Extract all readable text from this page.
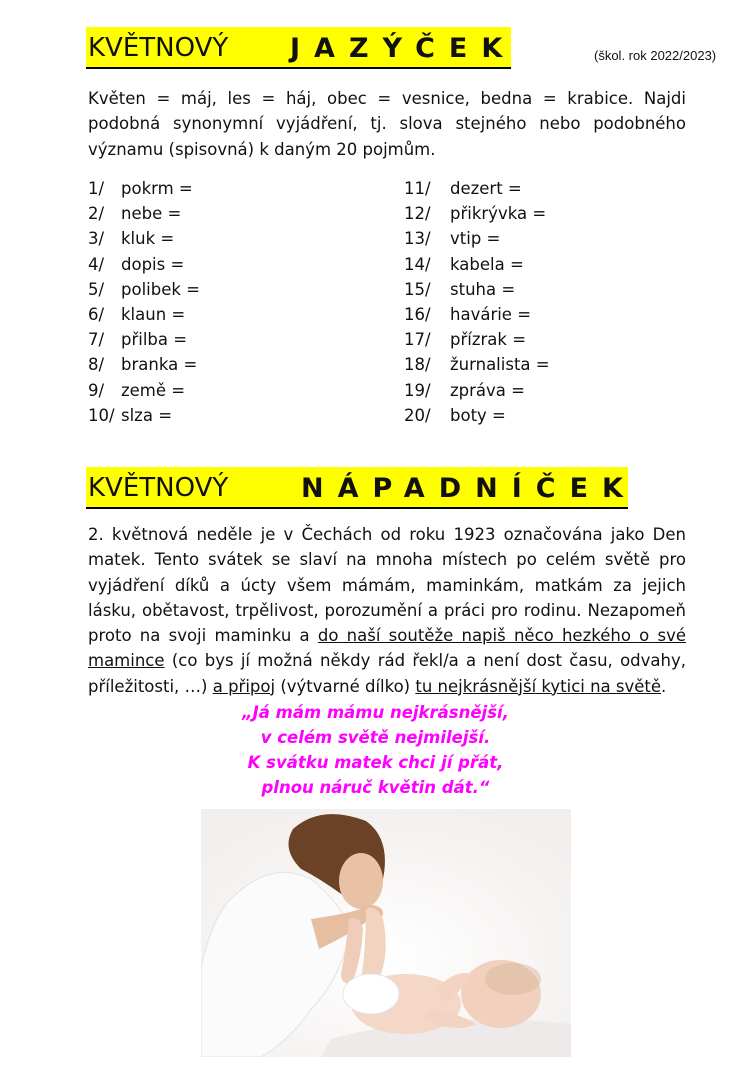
KVĚTNOVÝ JAZÝČEK	(škol. rok 2022/2023)

Květen = máj, les = háj, obec = vesnice, bedna = krabice. Najdi podobná synonymní vyjádření, tj. slova stejného nebo podobného významu (spisovná) k daným 20 pojmům.

1/ pokrm =
2/ nebe =
3/ kluk =
4/ dopis =
5/ polibek =
6/ klaun =
7/ přilba =
8/ branka =
9/ země =
10/ slza =
11/ dezert =
12/ přikrývka =
13/ vtip =
14/ kabela =
15/ stuha =
16/ havárie =
17/ přízrak =
18/ žurnalista =
19/ zpráva =
20/ boty =
KVĚTNOVÝ	NÁPADNÍČEK

2. květnová neděle je v Čechách od roku 1923 označována jako Den matek. Tento svátek se slaví na mnoha místech po celém světě pro vyjádření díků a úcty všem mámám, maminkám, matkám za jejich lásku, obětavost, trpělivost, porozumění a práci pro rodinu. Nezapomeň proto na svoji maminku a do naší soutěže napiš něco hezkého o své mamince (co bys jí možná někdy rád řekl/a a není dost času, odvahy, příležitosti, …) a připoj (výtvarné dílko) tu nejkrásnější kytici na světě.

„Já mám mámu nejkrásnější,
v celém světě nejmilejší.
K svátku matek chci jí přát,
plnou náruč květin dát.“
